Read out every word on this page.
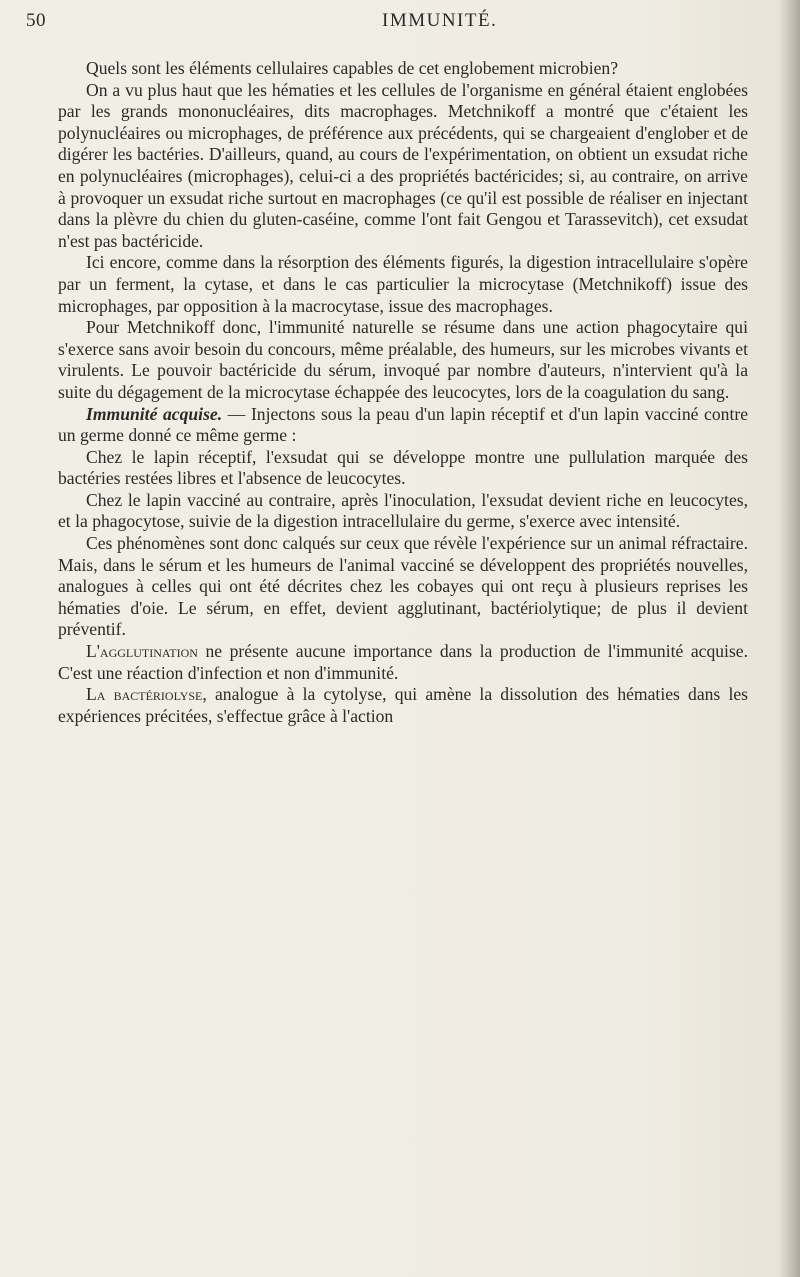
50	IMMUNITÉ.

Quels sont les éléments cellulaires capables de cet englobement microbien?

On a vu plus haut que les hématies et les cellules de l'organisme en général étaient englobées par les grands mononucléaires, dits macrophages. Metchnikoff a montré que c'étaient les polynucléaires ou microphages, de préférence aux précédents, qui se chargeaient d'englober et de digérer les bactéries. D'ailleurs, quand, au cours de l'expérimentation, on obtient un exsudat riche en polynucléaires (microphages), celui-ci a des propriétés bactéricides; si, au contraire, on arrive à provoquer un exsudat riche surtout en macrophages (ce qu'il est possible de réaliser en injectant dans la plèvre du chien du gluten-caséine, comme l'ont fait Gengou et Tarassevitch), cet exsudat n'est pas bactéricide.

Ici encore, comme dans la résorption des éléments figurés, la digestion intracellulaire s'opère par un ferment, la cytase, et dans le cas particulier la microcytase (Metchnikoff) issue des microphages, par opposition à la macrocytase, issue des macrophages.

Pour Metchnikoff donc, l'immunité naturelle se résume dans une action phagocytaire qui s'exerce sans avoir besoin du concours, même préalable, des humeurs, sur les microbes vivants et virulents. Le pouvoir bactéricide du sérum, invoqué par nombre d'auteurs, n'intervient qu'à la suite du dégagement de la microcytase échappée des leucocytes, lors de la coagulation du sang.

Immunité acquise. — Injectons sous la peau d'un lapin réceptif et d'un lapin vacciné contre un germe donné ce même germe :

Chez le lapin réceptif, l'exsudat qui se développe montre une pullulation marquée des bactéries restées libres et l'absence de leucocytes.

Chez le lapin vacciné au contraire, après l'inoculation, l'exsudat devient riche en leucocytes, et la phagocytose, suivie de la digestion intracellulaire du germe, s'exerce avec intensité.

Ces phénomènes sont donc calqués sur ceux que révèle l'expérience sur un animal réfractaire. Mais, dans le sérum et les humeurs de l'animal vacciné se développent des propriétés nouvelles, analogues à celles qui ont été décrites chez les cobayes qui ont reçu à plusieurs reprises les hématies d'oie. Le sérum, en effet, devient agglutinant, bactériolytique; de plus il devient préventif.

L'agglutination ne présente aucune importance dans la production de l'immunité acquise. C'est une réaction d'infection et non d'immunité.

La bactériolyse, analogue à la cytolyse, qui amène la dissolution des hématies dans les expériences précitées, s'effectue grâce à l'action
